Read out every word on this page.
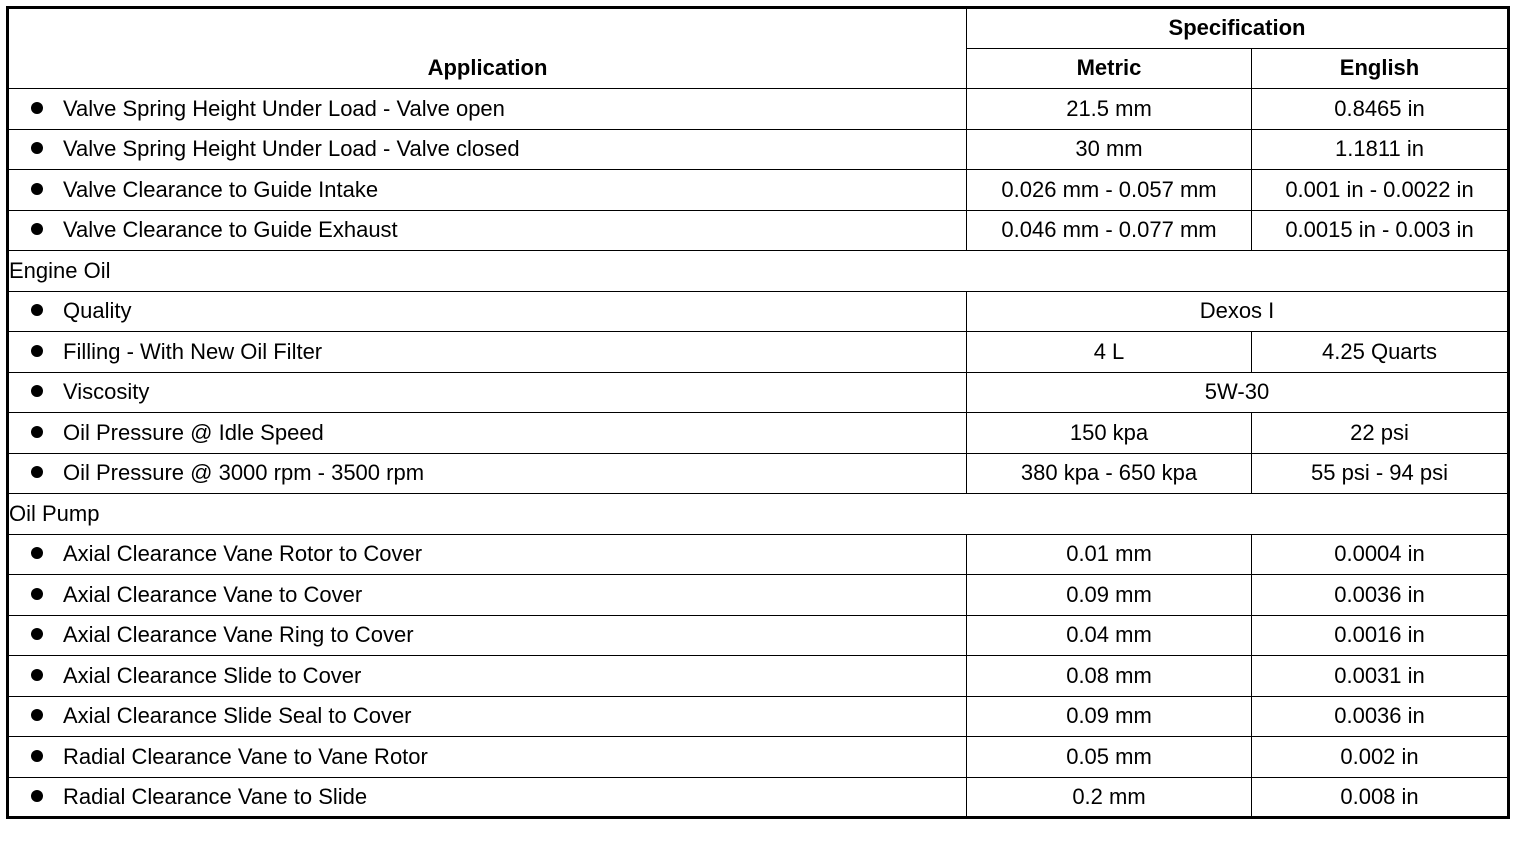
Application	Specification	
	Metric	English
Valve Spring Height Under Load - Valve open	21.5 mm	0.8465 in
Valve Spring Height Under Load - Valve closed	30 mm	1.1811 in
Valve Clearance to Guide Intake	0.026 mm - 0.057 mm	0.001 in - 0.0022 in
Valve Clearance to Guide Exhaust	0.046 mm - 0.077 mm	0.0015 in - 0.003 in
Engine Oil		
Quality	Dexos I	
Filling - With New Oil Filter	4 L	4.25 Quarts
Viscosity	5W-30	
Oil Pressure @ Idle Speed	150 kpa	22 psi
Oil Pressure @ 3000 rpm - 3500 rpm	380 kpa - 650 kpa	55 psi - 94 psi
Oil Pump		
Axial Clearance Vane Rotor to Cover	0.01 mm	0.0004 in
Axial Clearance Vane to Cover	0.09 mm	0.0036 in
Axial Clearance Vane Ring to Cover	0.04 mm	0.0016 in
Axial Clearance Slide to Cover	0.08 mm	0.0031 in
Axial Clearance Slide Seal to Cover	0.09 mm	0.0036 in
Radial Clearance Vane to Vane Rotor	0.05 mm	0.002 in
Radial Clearance Vane to Slide	0.2 mm	0.008 in
